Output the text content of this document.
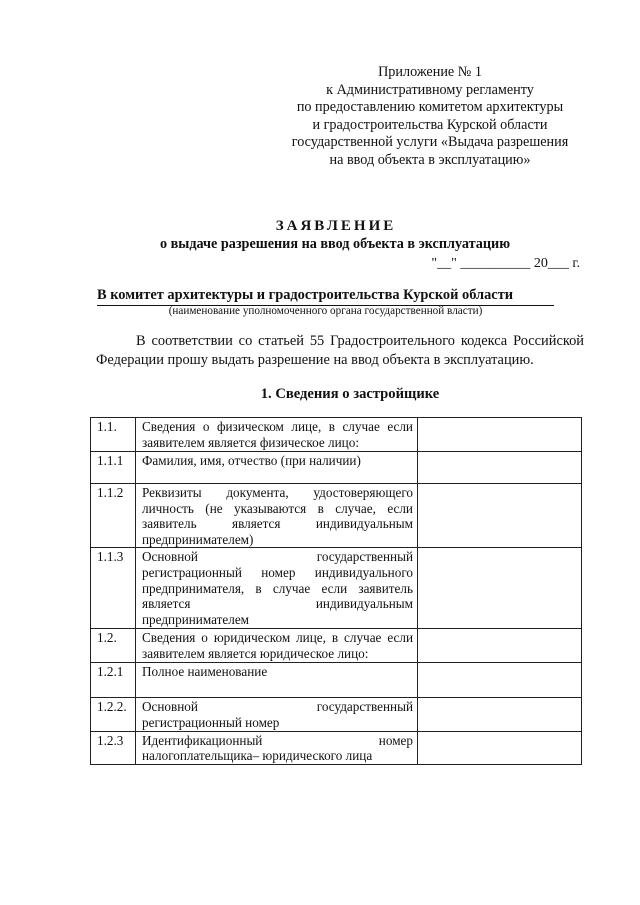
Приложение № 1
к Административному регламенту
по предоставлению комитетом архитектуры
и градостроительства Курской области
государственной услуги «Выдача разрешения
на ввод объекта в эксплуатацию»
ЗАЯВЛЕНИЕ
о выдаче разрешения на ввод объекта в эксплуатацию
"__" __________ 20___ г.
В комитет архитектуры и градостроительства Курской области
(наименование уполномоченного органа государственной власти)
В соответствии со статьей 55 Градостроительного кодекса Российской Федерации прошу выдать разрешение на ввод объекта в эксплуатацию.
1. Сведения о застройщике
1.1.	Сведения о физическом лице, в случае если
заявителем является физическое лицо:	

1.1.1	Фамилия, имя, отчество (при наличии)	

1.1.2	Реквизиты документа, удостоверяющего
личность (не указываются в случае, если
заявитель является индивидуальным
предпринимателем)	

1.1.3	Основной государственный
регистрационный номер индивидуального
предпринимателя, в случае если заявитель
является индивидуальным
предпринимателем	

1.2.	Сведения о юридическом лице, в случае если
заявителем является юридическое лицо:	

1.2.1	Полное наименование	

1.2.2.	Основной государственный
регистрационный номер	

1.2.3	Идентификационный номер
налогоплательщика– юридического лица	
